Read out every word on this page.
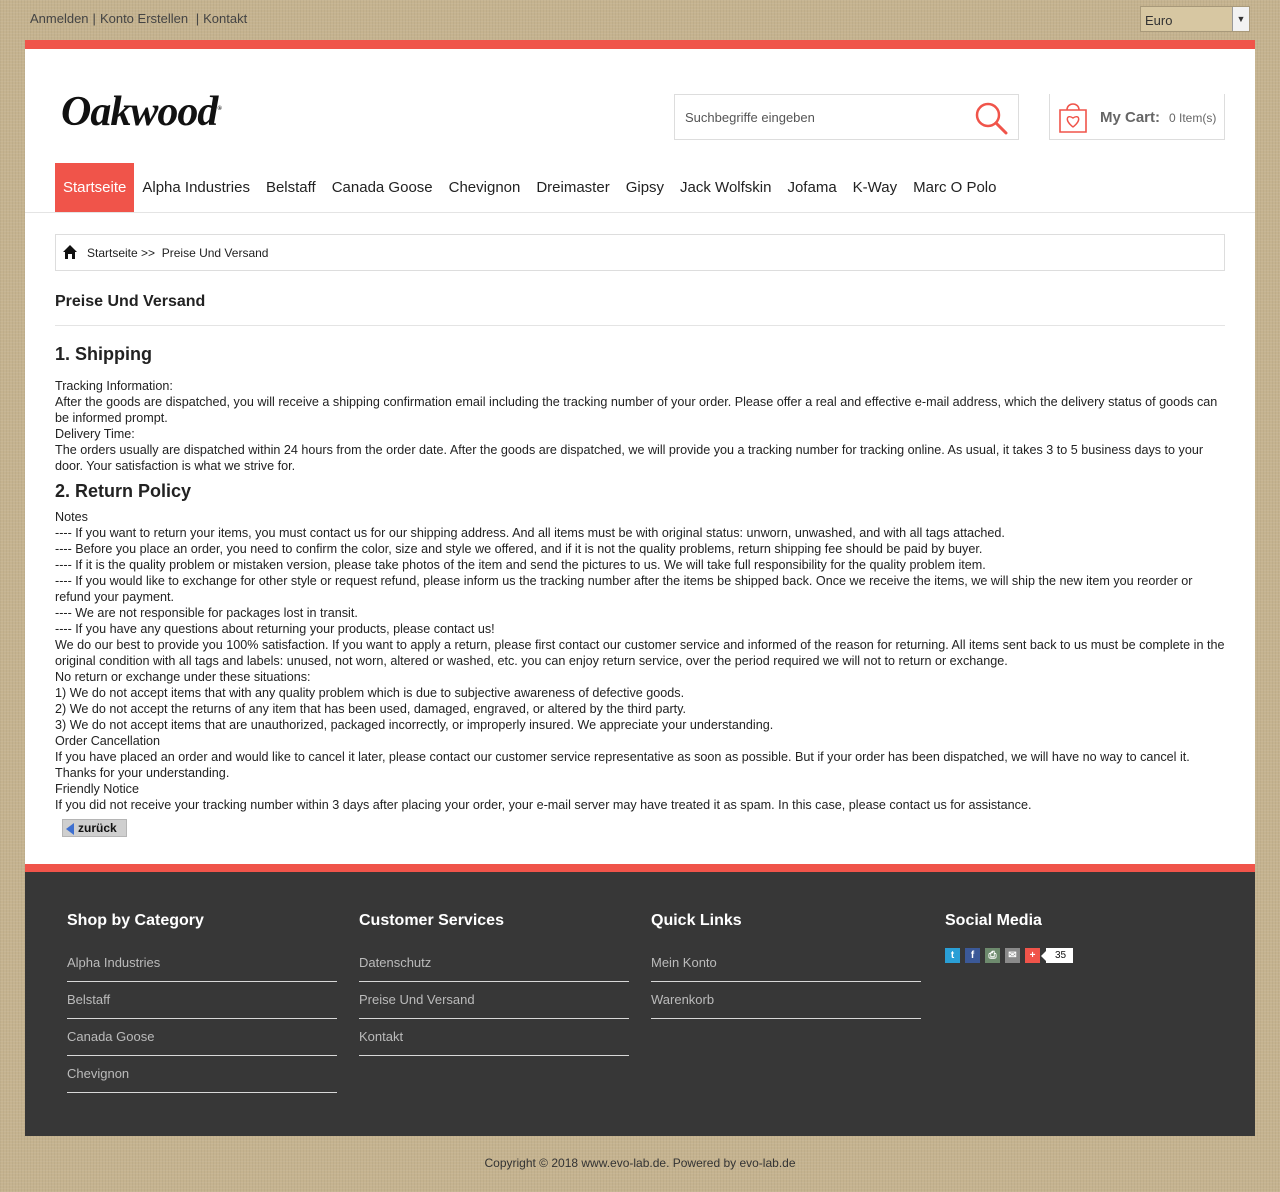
Anmelden | Konto Erstellen | Kontakt	Euro	▼
Oakwood®
Suchbegriffe eingeben	My Cart: 0 Item(s)
Startseite	Alpha Industries	Belstaff	Canada Goose	Chevignon	Dreimaster	Gipsy	Jack Wolfskin	Jofama	K-Way	Marc O Polo
Startseite >> Preise Und Versand
Preise Und Versand
1. Shipping

Tracking Information:

After the goods are dispatched, you will receive a shipping confirmation email including the tracking number of your order. Please offer a real and effective e-mail address, which the delivery status of goods can be informed prompt.

Delivery Time:

The orders usually are dispatched within 24 hours from the order date. After the goods are dispatched, we will provide you a tracking number for tracking online. As usual, it takes 3 to 5 business days to your door. Your satisfaction is what we strive for.

2. Return Policy

Notes

---- If you want to return your items, you must contact us for our shipping address. And all items must be with original status: unworn, unwashed, and with all tags attached.

---- Before you place an order, you need to confirm the color, size and style we offered, and if it is not the quality problems, return shipping fee should be paid by buyer.

---- If it is the quality problem or mistaken version, please take photos of the item and send the pictures to us. We will take full responsibility for the quality problem item.

---- If you would like to exchange for other style or request refund, please inform us the tracking number after the items be shipped back. Once we receive the items, we will ship the new item you reorder or refund your payment.

---- We are not responsible for packages lost in transit.

---- If you have any questions about returning your products, please contact us!

We do our best to provide you 100% satisfaction. If you want to apply a return, please first contact our customer service and informed of the reason for returning. All items sent back to us must be complete in the original condition with all tags and labels: unused, not worn, altered or washed, etc. you can enjoy return service, over the period required we will not to return or exchange.

No return or exchange under these situations:

1) We do not accept items that with any quality problem which is due to subjective awareness of defective goods.

2) We do not accept the returns of any item that has been used, damaged, engraved, or altered by the third party.

3) We do not accept items that are unauthorized, packaged incorrectly, or improperly insured. We appreciate your understanding.

Order Cancellation

If you have placed an order and would like to cancel it later, please contact our customer service representative as soon as possible. But if your order has been dispatched, we will have no way to cancel it. Thanks for your understanding.

Friendly Notice

If you did not receive your tracking number within 3 days after placing your order, your e-mail server may have treated it as spam. In this case, please contact us for assistance.

zurück
Shop by Category
Alpha Industries
Belstaff
Canada Goose
Chevignon
Customer Services
Datenschutz
Preise Und Versand
Kontakt
Quick Links
Mein Konto
Warenkorb
Social Media
t	f	⎙	✉	+	35
Copyright © 2018 www.evo-lab.de. Powered by evo-lab.de
